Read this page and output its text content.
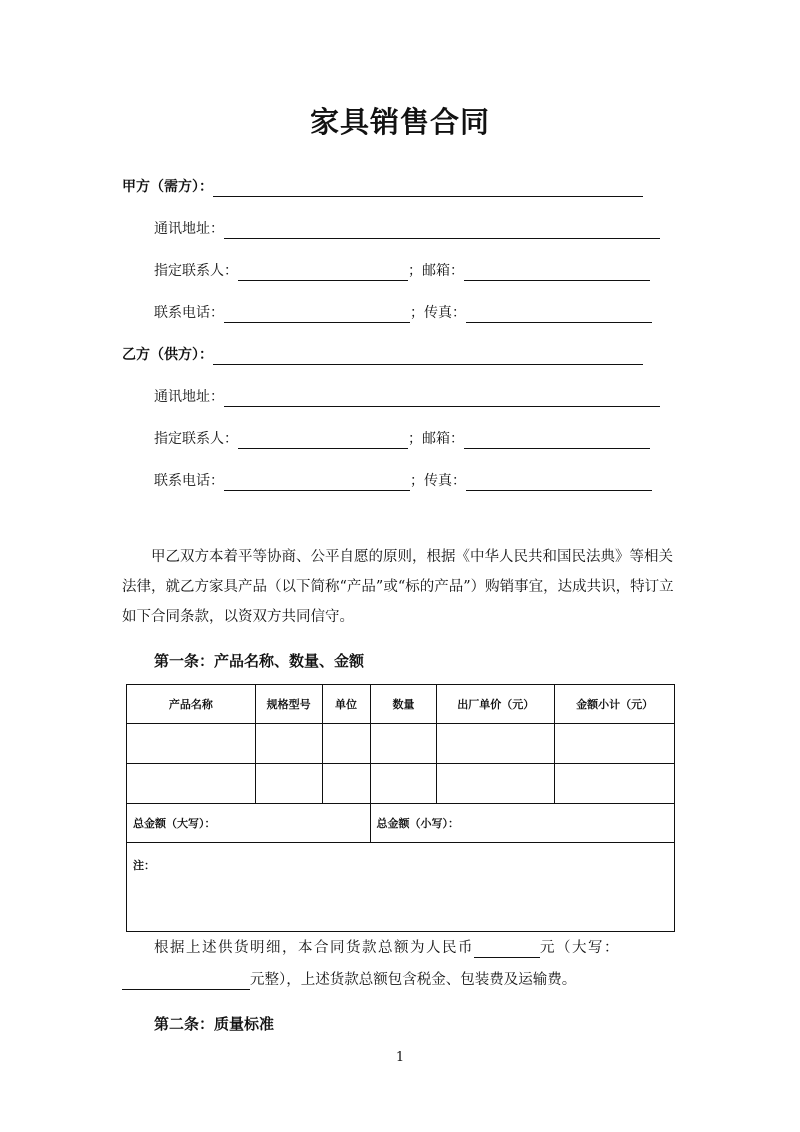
家具销售合同
甲方（需方）：
通讯地址：
指定联系人：	；邮箱：
联系电话：	；传真：
乙方（供方）：
通讯地址：
指定联系人：	；邮箱：
联系电话：	；传真：
甲乙双方本着平等协商、公平自愿的原则，根据《中华人民共和国民法典》等相关法律，就乙方家具产品（以下简称“产品”或“标的产品”）购销事宜，达成共识，特订立如下合同条款，以资双方共同信守。
第一条：产品名称、数量、金额
产品名称	规格型号	单位	数量	出厂单价（元）	金额小计（元）

总金额（大写）：			总金额（小写）：		
注：					
根据上述供货明细，本合同货款总额为人民币	元（大写：
元整），上述货款总额包含税金、包装费及运输费。
第二条：质量标准
1
